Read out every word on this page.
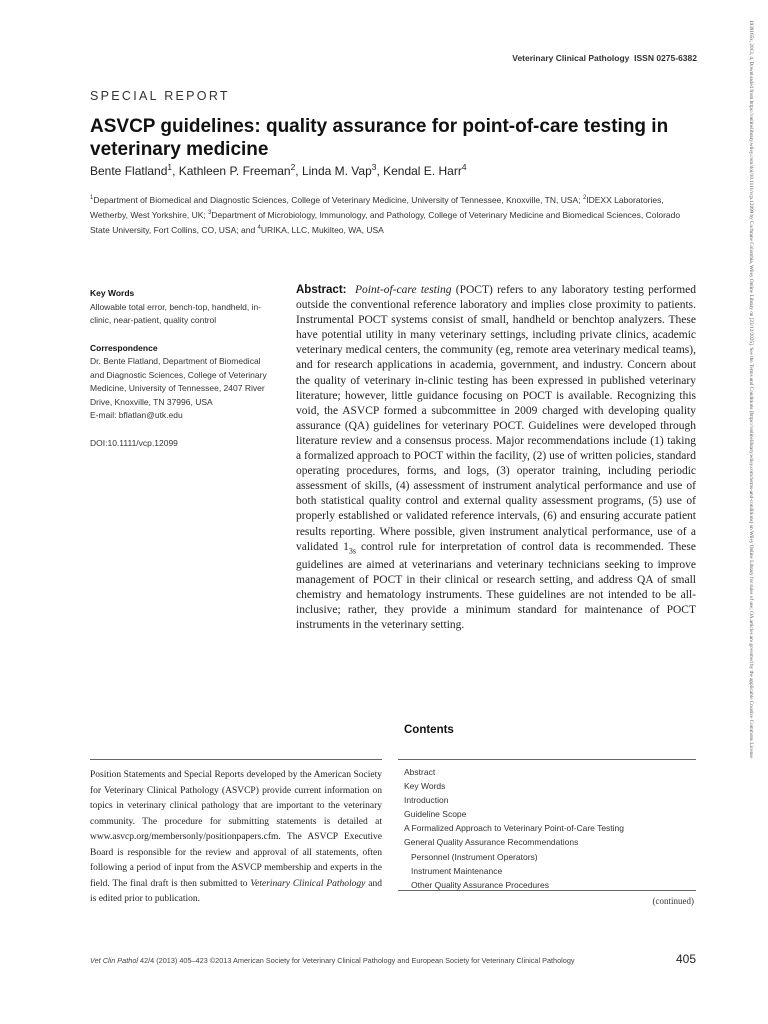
Veterinary Clinical Pathology ISSN 0275-6382
SPECIAL REPORT
ASVCP guidelines: quality assurance for point-of-care testing in veterinary medicine
Bente Flatland$^1$, Kathleen P. Freeman$^2$, Linda M. Vap$^3$, Kendal E. Harr$^4$
$^1$Department of Biomedical and Diagnostic Sciences, College of Veterinary Medicine, University of Tennessee, Knoxville, TN, USA; $^2$IDEXX Laboratories, Wetherby, West Yorkshire, UK; $^3$Department of Microbiology, Immunology, and Pathology, College of Veterinary Medicine and Biomedical Sciences, Colorado State University, Fort Collins, CO, USA; and $^4$URIKA, LLC, Mukilteo, WA, USA
Key Words
Allowable total error, bench-top, handheld, in-clinic, near-patient, quality control
Correspondence
Dr. Bente Flatland, Department of Biomedical
and Diagnostic Sciences, College of Veterinary
Medicine, University of Tennessee, 2407 River
Drive, Knoxville, TN 37996, USA
E-mail: bflatlan@utk.edu
DOI:10.1111/vcp.12099
Abstract: Point-of-care testing (POCT) refers to any laboratory testing performed outside the conventional reference laboratory and implies close proximity to patients. Instrumental POCT systems consist of small, handheld or benchtop analyzers. These have potential utility in many veterinary settings, including private clinics, academic veterinary medical centers, the community (eg, remote area veterinary medical teams), and for research applications in academia, government, and industry. Concern about the quality of veterinary in-clinic testing has been expressed in published veterinary literature; however, little guidance focusing on POCT is available. Recognizing this void, the ASVCP formed a subcommittee in 2009 charged with developing quality assurance (QA) guidelines for veterinary POCT. Guidelines were developed through literature review and a consensus process. Major recommendations include (1) taking a formalized approach to POCT within the facility, (2) use of written policies, standard operating procedures, forms, and logs, (3) operator training, including periodic assessment of skills, (4) assessment of instrument analytical performance and use of both statistical quality control and external quality assessment programs, (5) use of properly established or validated reference intervals, (6) and ensuring accurate patient results reporting. Where possible, given instrument analytical performance, use of a validated $1_{3s}$ control rule for interpretation of control data is recommended. These guidelines are aimed at veterinarians and veterinary technicians seeking to improve management of POCT in their clinical or research setting, and address QA of small chemistry and hematology instruments. These guidelines are not intended to be all-inclusive; rather, they provide a minimum standard for maintenance of POCT instruments in the veterinary setting.
Contents
Position Statements and Special Reports developed by the American Society for Veterinary Clinical Pathology (ASVCP) provide current information on topics in veterinary clinical pathology that are important to the veterinary community. The procedure for submitting statements is detailed at www.asvcp.org/membersonly/positionpapers.cfm. The ASVCP Executive Board is responsible for the review and approval of all statements, often following a period of input from the ASVCP membership and experts in the field. The final draft is then submitted to Veterinary Clinical Pathology and is edited prior to publication.
Abstract
Key Words
Introduction
Guideline Scope
A Formalized Approach to Veterinary Point-of-Care Testing
General Quality Assurance Recommendations
Personnel (Instrument Operators)
Instrument Maintenance
Other Quality Assurance Procedures
(continued)
Vet Clin Pathol 42/4 (2013) 405–423 ©2013 American Society for Veterinary Clinical Pathology and European Society for Veterinary Clinical Pathology	405
1939165x, 2013, 4, Downloaded from https://onlinelibrary.wiley.com/doi/10.1111/vcp.12099 by Cochrane Colombia, Wiley Online Library on [23/12/2025]. See the Terms and Conditions (https://onlinelibrary.wiley.com/terms-and-conditions) on Wiley Online Library for rules of use; OA articles are governed by the applicable Creative Commons License
